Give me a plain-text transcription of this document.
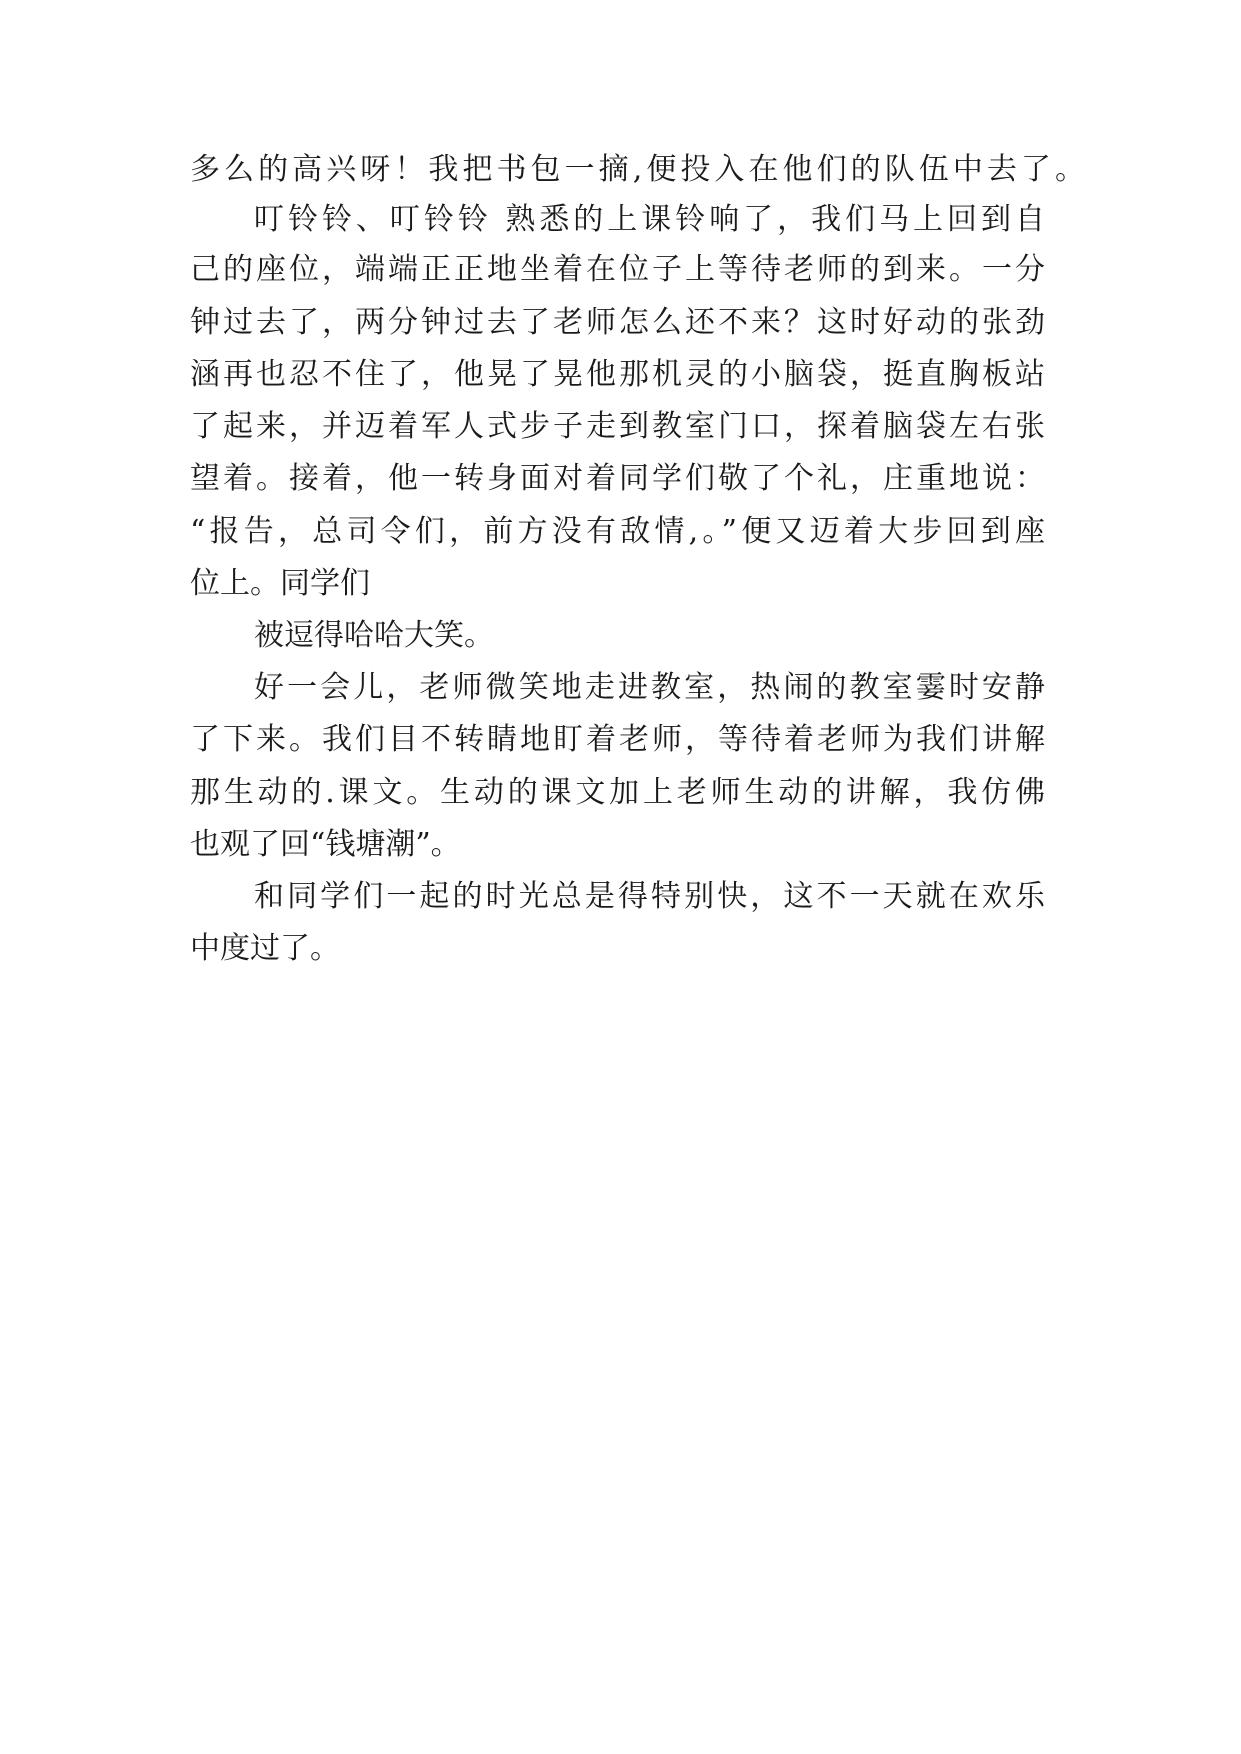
多么的高兴呀！我把书包一摘,便投入在他们的队伍中去了。
叮铃铃、叮铃铃 熟悉的上课铃响了，我们马上回到自
己的座位，端端正正地坐着在位子上等待老师的到来。一分
钟过去了，两分钟过去了老师怎么还不来？这时好动的张劲
涵再也忍不住了，他晃了晃他那机灵的小脑袋，挺直胸板站
了起来，并迈着军人式步子走到教室门口，探着脑袋左右张
望着。接着，他一转身面对着同学们敬了个礼，庄重地说：
“报告，总司令们，前方没有敌情,。”便又迈着大步回到座
位上。同学们
被逗得哈哈大笑。
好一会儿，老师微笑地走进教室，热闹的教室霎时安静
了下来。我们目不转睛地盯着老师，等待着老师为我们讲解
那生动的.课文。生动的课文加上老师生动的讲解，我仿佛
也观了回“钱塘潮”。
和同学们一起的时光总是得特别快，这不一天就在欢乐
中度过了。
